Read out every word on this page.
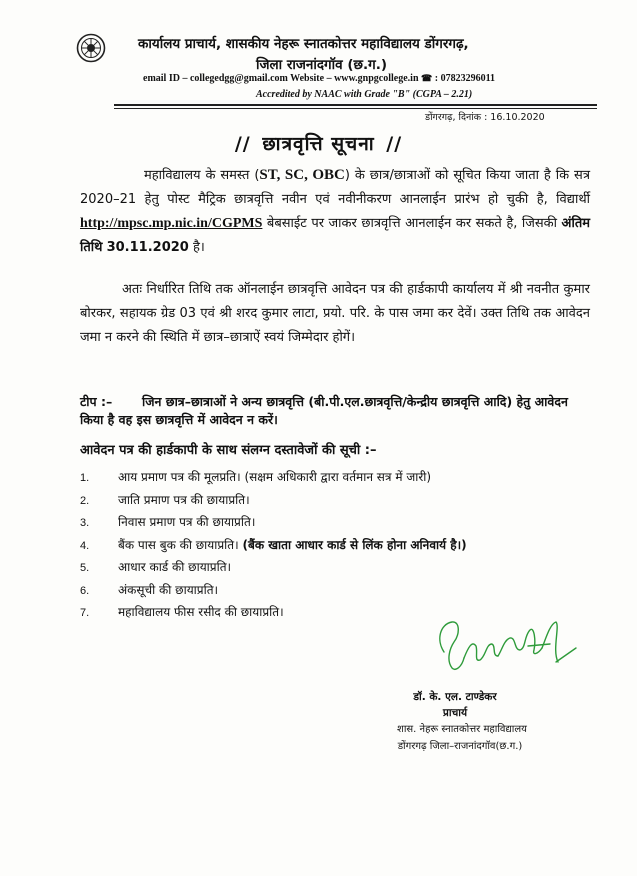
कार्यालय प्राचार्य, शासकीय नेहरू स्नातकोत्तर महाविद्यालय डोंगरगढ़,
जिला राजनांदगॉव (छ.ग.)
email ID – collegedgg@gmail.com Website – www.gnpgcollege.in ☎ : 07823296011
Accredited by NAAC with Grade "B" (CGPA – 2.21)
डोंगरगढ़, दिनांक : 16.10.2020
// छात्रवृत्ति सूचना //
महाविद्यालय के समस्त (ST, SC, OBC) के छात्र/छात्राओं को सूचित किया जाता है कि सत्र 2020–21 हेतु पोस्ट मैट्रिक छात्रवृत्ति नवीन एवं नवीनीकरण आनलाईन प्रारंभ हो चुकी है, विद्यार्थी http://mpsc.mp.nic.in/CGPMS बेबसाईट पर जाकर छात्रवृत्ति आनलाईन कर सकते है, जिसकी अंतिम तिथि 30.11.2020 है।
अतः निर्धारित तिथि तक ऑनलाईन छात्रवृत्ति आवेदन पत्र की हार्डकापी कार्यालय में श्री नवनीत कुमार बोरकर, सहायक ग्रेड 03 एवं श्री शरद कुमार लाटा, प्रयो. परि. के पास जमा कर देवें। उक्त तिथि तक आवेदन जमा न करने की स्थिति में छात्र–छात्राऐं स्वयं जिम्मेदार होगें।
टीप :– जिन छात्र–छात्राओं ने अन्य छात्रवृत्ति (बी.पी.एल.छात्रवृत्ति/केन्द्रीय छात्रवृत्ति आदि) हेतु आवेदन किया है वह इस छात्रवृत्ति में आवेदन न करें।
आवेदन पत्र की हार्डकापी के साथ संलग्न दस्तावेजों की सूची :–
1. आय प्रमाण पत्र की मूलप्रति। (सक्षम अधिकारी द्वारा वर्तमान सत्र में जारी)
2. जाति प्रमाण पत्र की छायाप्रति।
3. निवास प्रमाण पत्र की छायाप्रति।
4. बैंक पास बुक की छायाप्रति। (बैंक खाता आधार कार्ड से लिंक होना अनिवार्य है।)
5. आधार कार्ड की छायाप्रति।
6. अंकसूची की छायाप्रति।
7. महाविद्यालय फीस रसीद की छायाप्रति।
डॉ. के. एल. टाण्डेकर
प्राचार्य
शास. नेहरू स्नातकोत्तर महाविद्यालय
डोंगरगढ़ जिला–राजनांदगॉव(छ.ग.)
